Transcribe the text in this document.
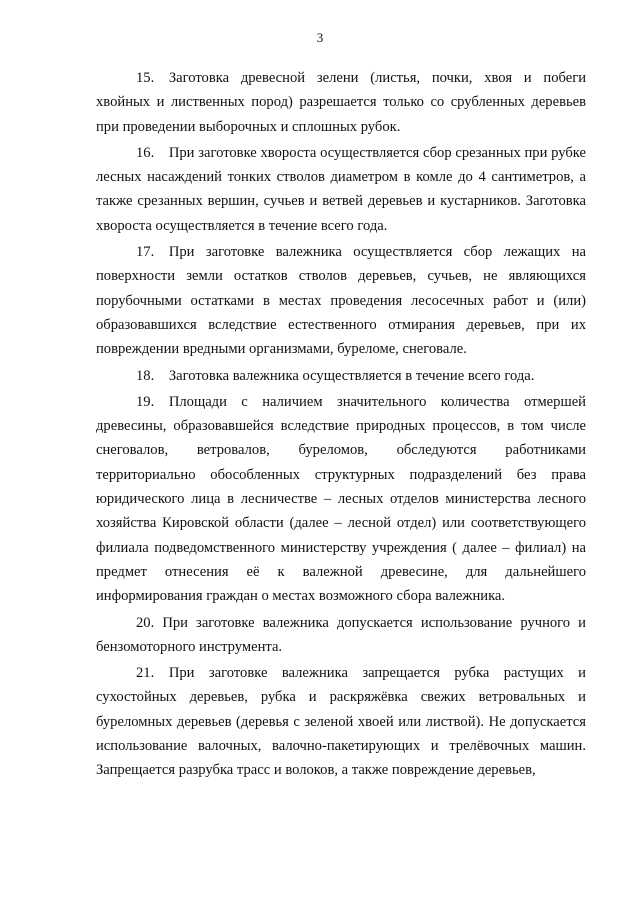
3

15. Заготовка древесной зелени (листья, почки, хвоя и побеги хвойных и лиственных пород) разрешается только со срубленных деревьев при проведении выборочных и сплошных рубок.

16. При заготовке хвороста осуществляется сбор срезанных при рубке лесных насаждений тонких стволов диаметром в комле до 4 сантиметров, а также срезанных вершин, сучьев и ветвей деревьев и кустарников. Заготовка хвороста осуществляется в течение всего года.

17. При заготовке валежника осуществляется сбор лежащих на поверхности земли остатков стволов деревьев, сучьев, не являющихся порубочными остатками в местах проведения лесосечных работ и (или) образовавшихся вследствие естественного отмирания деревьев, при их повреждении вредными организмами, буреломе, снеговале.

18. Заготовка валежника осуществляется в течение всего года.

19. Площади с наличием значительного количества отмершей древесины, образовавшейся вследствие природных процессов, в том числе снеговалов, ветровалов, буреломов, обследуются работниками территориально обособленных структурных подразделений без права юридического лица в лесничестве – лесных отделов министерства лесного хозяйства Кировской области (далее – лесной отдел) или соответствующего филиала подведомственного министерству учреждения ( далее – филиал) на предмет отнесения её к валежной древесине, для дальнейшего информирования граждан о местах возможного сбора валежника.

20. При заготовке валежника допускается использование ручного и бензомоторного инструмента.

21. При заготовке валежника запрещается рубка растущих и сухостойных деревьев, рубка и раскряжёвка свежих ветровальных и буреломных деревьев (деревья с зеленой хвоей или листвой). Не допускается использование валочных, валочно-пакетирующих и трелёвочных машин. Запрещается разрубка трасс и волоков, а также повреждение деревьев,
